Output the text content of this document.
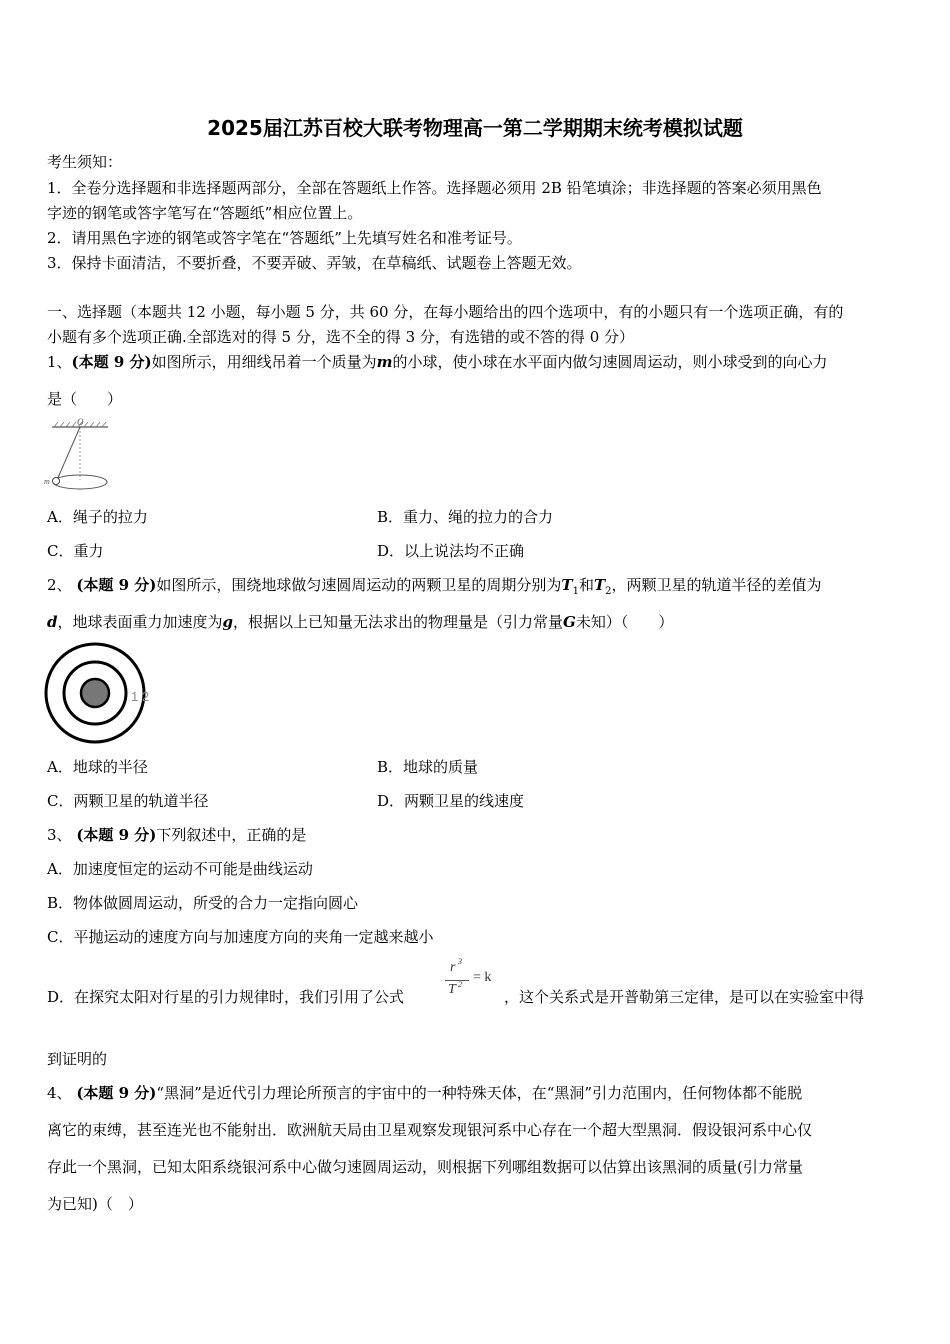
2025届江苏百校大联考物理高一第二学期期末统考模拟试题
考生须知：
1．全卷分选择题和非选择题两部分，全部在答题纸上作答。选择题必须用 2B 铅笔填涂；非选择题的答案必须用黑色
字迹的钢笔或答字笔写在“答题纸”相应位置上。
2．请用黑色字迹的钢笔或答字笔在“答题纸”上先填写姓名和准考证号。
3．保持卡面清洁，不要折叠，不要弄破、弄皱，在草稿纸、试题卷上答题无效。
一、选择题（本题共 12 小题，每小题 5 分，共 60 分，在每小题给出的四个选项中，有的小题只有一个选项正确，有的
小题有多个选项正确.全部选对的得 5 分，选不全的得 3 分，有选错的或不答的得 0 分）
1、(本题 9 分)如图所示，用细线吊着一个质量为m的小球，使小球在水平面内做匀速圆周运动，则小球受到的向心力
是（　　）
O
m
A．绳子的拉力	B．重力、绳的拉力的合力
C．重力	D．以上说法均不正确
2、 (本题 9 分)如图所示，围绕地球做匀速圆周运动的两颗卫星的周期分别为$T_1$和$T_2$，两颗卫星的轨道半径的差值为
d，地球表面重力加速度为g，根据以上已知量无法求出的物理量是（引力常量G未知）（　　）
1 2
A．地球的半径	B．地球的质量
C．两颗卫星的轨道半径	D．两颗卫星的线速度
3、 (本题 9 分)下列叙述中，正确的是
A．加速度恒定的运动不可能是曲线运动
B．物体做圆周运动，所受的合力一定指向圆心
C．平抛运动的速度方向与加速度方向的夹角一定越来越小
D．在探究太阳对行星的引力规律时，我们引用了公式
r 3
T 2 = k
，这个关系式是开普勒第三定律，是可以在实验室中得
到证明的
4、 (本题 9 分)“黑洞”是近代引力理论所预言的宇宙中的一种特殊天体，在“黑洞”引力范围内，任何物体都不能脱
离它的束缚，甚至连光也不能射出．欧洲航天局由卫星观察发现银河系中心存在一个超大型黑洞．假设银河系中心仅
存此一个黑洞，已知太阳系绕银河系中心做匀速圆周运动，则根据下列哪组数据可以估算出该黑洞的质量(引力常量
为已知)（　）
